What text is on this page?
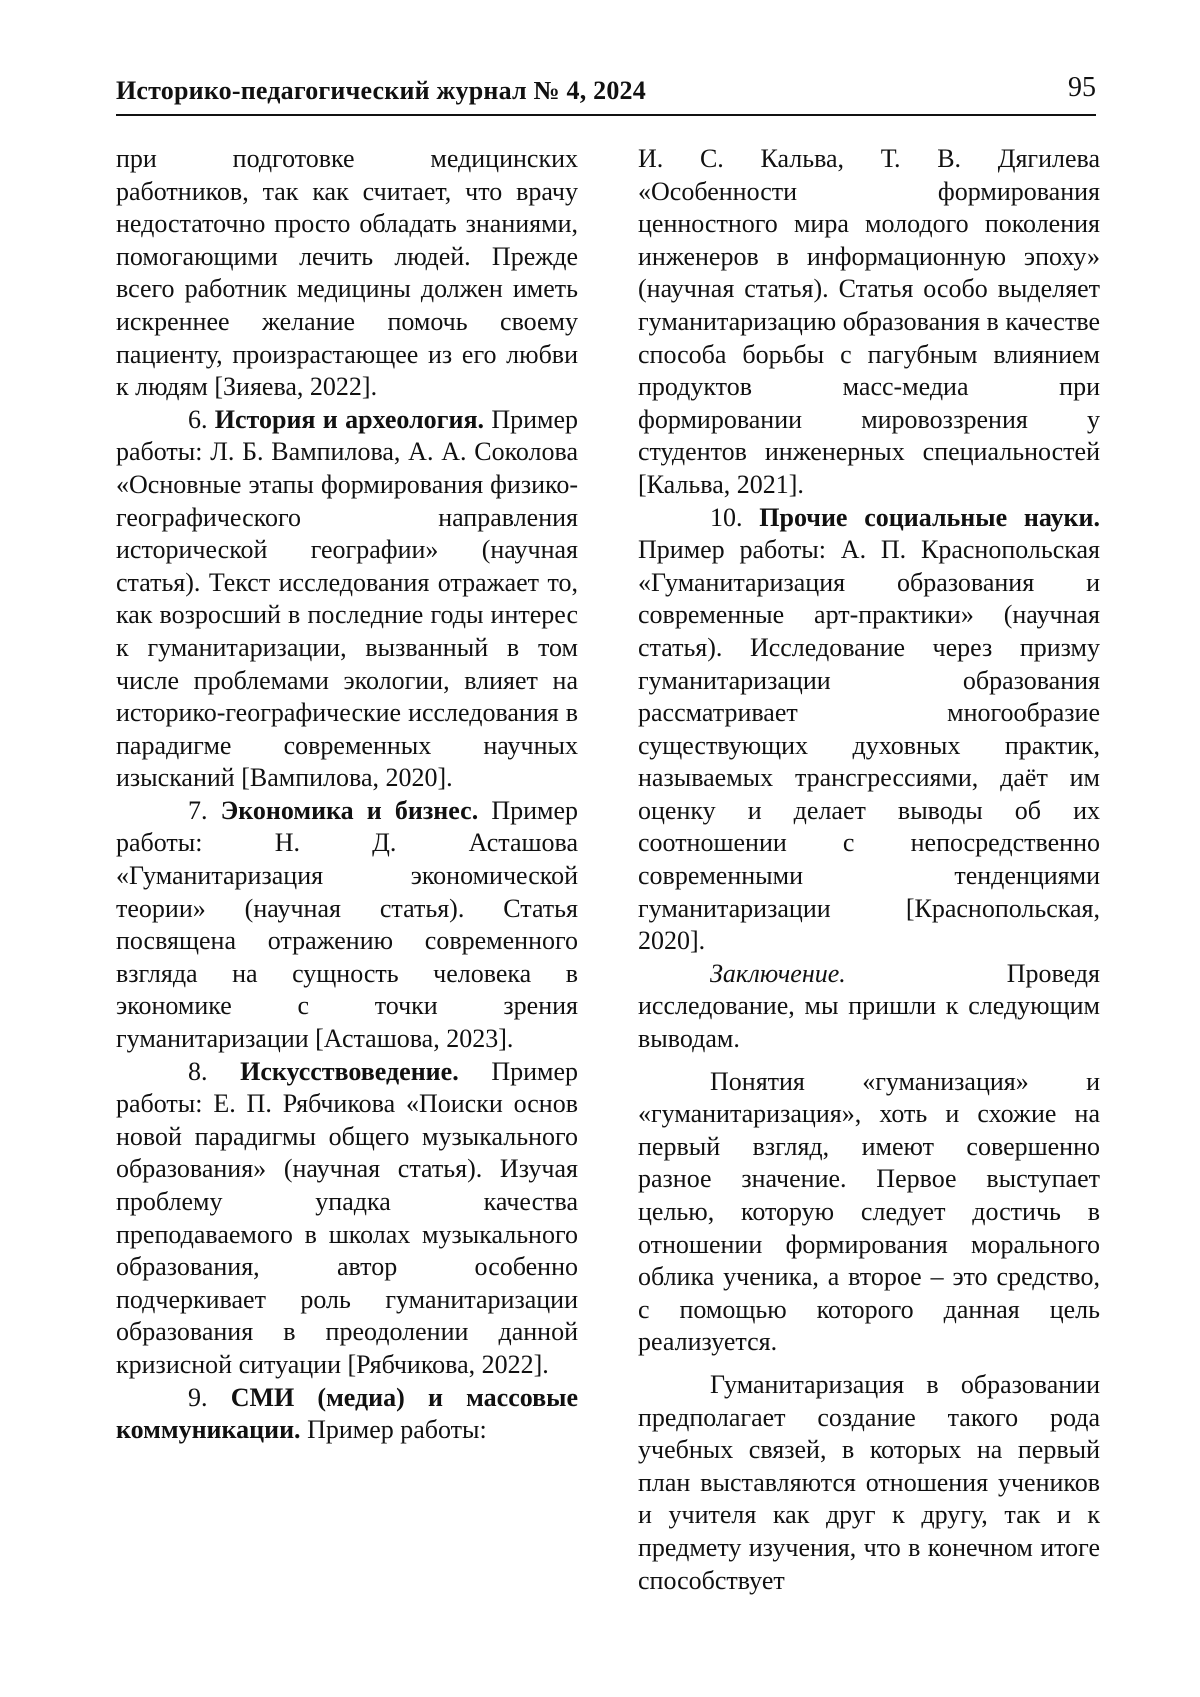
Историко-педагогический журнал № 4, 2024	95

при подготовке медицинских работников, так как считает, что врачу недостаточно просто обладать знаниями, помогающими лечить людей. Прежде всего работник медицины должен иметь искреннее желание помочь своему пациенту, произрастающее из его любви к людям [Зияева, 2022].

6. История и археология. Пример работы: Л. Б. Вампилова, А. А. Соколова «Основные этапы формирования физико-географического направления исторической географии» (научная статья). Текст исследования отражает то, как возросший в последние годы интерес к гуманитаризации, вызванный в том числе проблемами экологии, влияет на историко-географические исследования в парадигме современных научных изысканий [Вампилова, 2020].

7. Экономика и бизнес. Пример работы: Н. Д. Асташова «Гуманитаризация экономической теории» (научная статья). Статья посвящена отражению современного взгляда на сущность человека в экономике с точки зрения гуманитаризации [Асташова, 2023].

8. Искусствоведение. Пример работы: Е. П. Рябчикова «Поиски основ новой парадигмы общего музыкального образования» (научная статья). Изучая проблему упадка качества преподаваемого в школах музыкального образования, автор особенно подчеркивает роль гуманитаризации образования в преодолении данной кризисной ситуации [Рябчикова, 2022].

9. СМИ (медиа) и массовые коммуникации. Пример работы:

И. С. Кальва, Т. В. Дягилева «Особенности формирования ценностного мира молодого поколения инженеров в информационную эпоху» (научная статья). Статья особо выделяет гуманитаризацию образования в качестве способа борьбы с пагубным влиянием продуктов масс-медиа при формировании мировоззрения у студентов инженерных специальностей [Кальва, 2021].

10. Прочие социальные науки. Пример работы: А. П. Краснопольская «Гуманитаризация образования и современные арт-практики» (научная статья). Исследование через призму гуманитаризации образования рассматривает многообразие существующих духовных практик, называемых трансгрессиями, даёт им оценку и делает выводы об их соотношении с непосредственно современными тенденциями гуманитаризации [Краснопольская, 2020].

Заключение.	Проведя исследование, мы пришли к следующим выводам.

Понятия «гуманизация» и «гуманитаризация», хоть и схожие на первый взгляд, имеют совершенно разное значение. Первое выступает целью, которую следует достичь в отношении формирования морального облика ученика, а второе – это средство, с помощью которого данная цель реализуется.

Гуманитаризация в образовании предполагает создание такого рода учебных связей, в которых на первый план выставляются отношения учеников и учителя как друг к другу, так и к предмету изучения, что в конечном итоге способствует
